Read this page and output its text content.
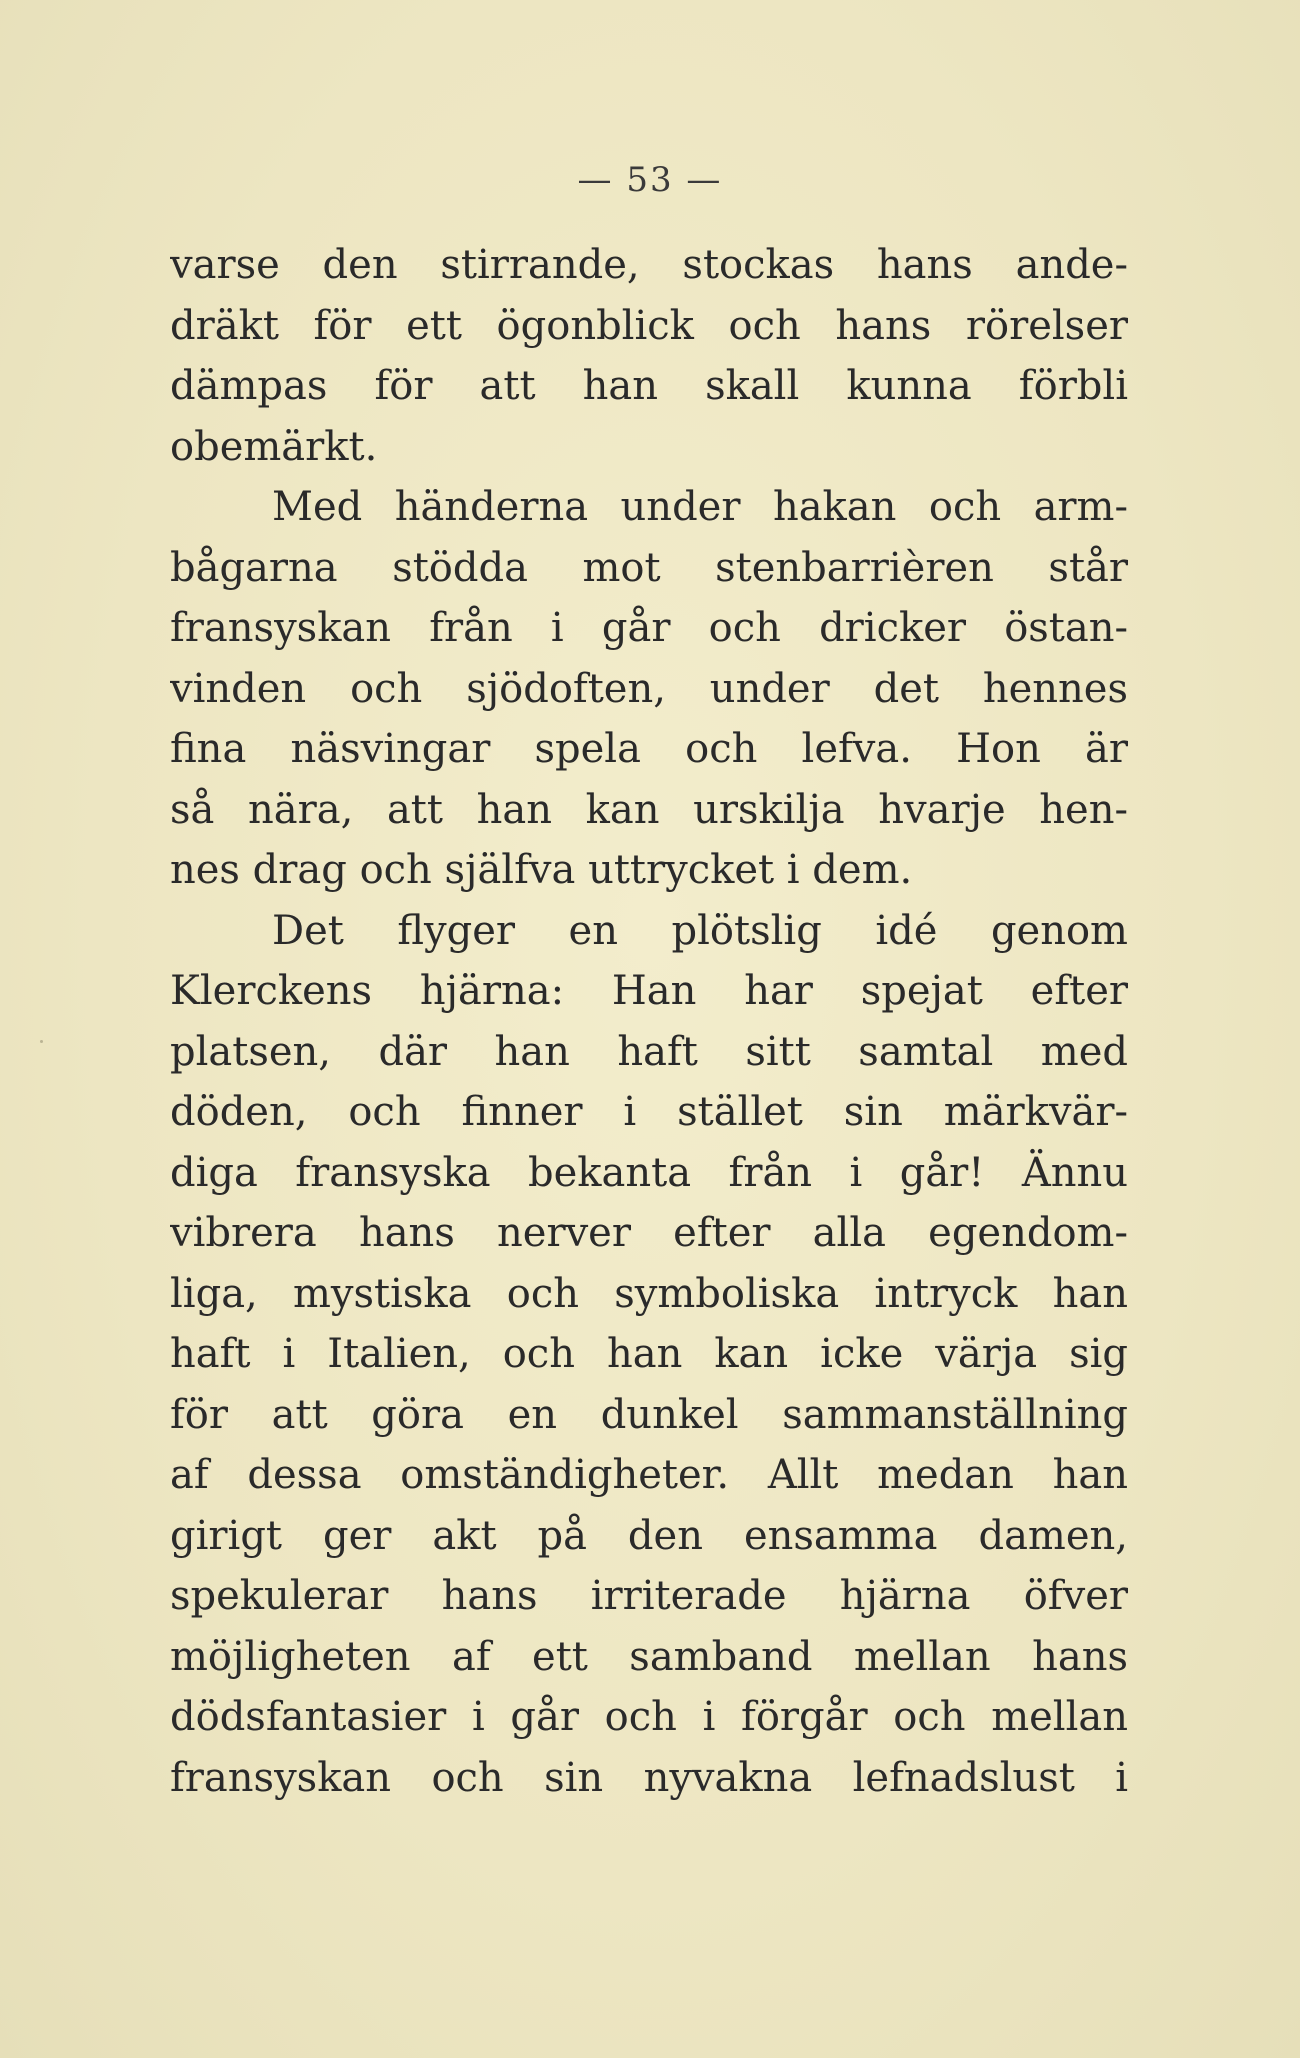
— 53 —
varse den stirrande, stockas hans ande-
dräkt för ett ögonblick och hans rörelser
dämpas för att han skall kunna förbli
obemärkt.
Med händerna under hakan och arm-
bågarna stödda mot stenbarrièren står
fransyskan från i går och dricker östan-
vinden och sjödoften, under det hennes
fina näsvingar spela och lefva. Hon är
så nära, att han kan urskilja hvarje hen-
nes drag och själfva uttrycket i dem.
Det flyger en plötslig idé genom
Klerckens hjärna: Han har spejat efter
platsen, där han haft sitt samtal med
döden, och finner i stället sin märkvär-
diga fransyska bekanta från i går! Ännu
vibrera hans nerver efter alla egendom-
liga, mystiska och symboliska intryck han
haft i Italien, och han kan icke värja sig
för att göra en dunkel sammanställning
af dessa omständigheter. Allt medan han
girigt ger akt på den ensamma damen,
spekulerar hans irriterade hjärna öfver
möjligheten af ett samband mellan hans
dödsfantasier i går och i förgår och mellan
fransyskan och sin nyvakna lefnadslust i
